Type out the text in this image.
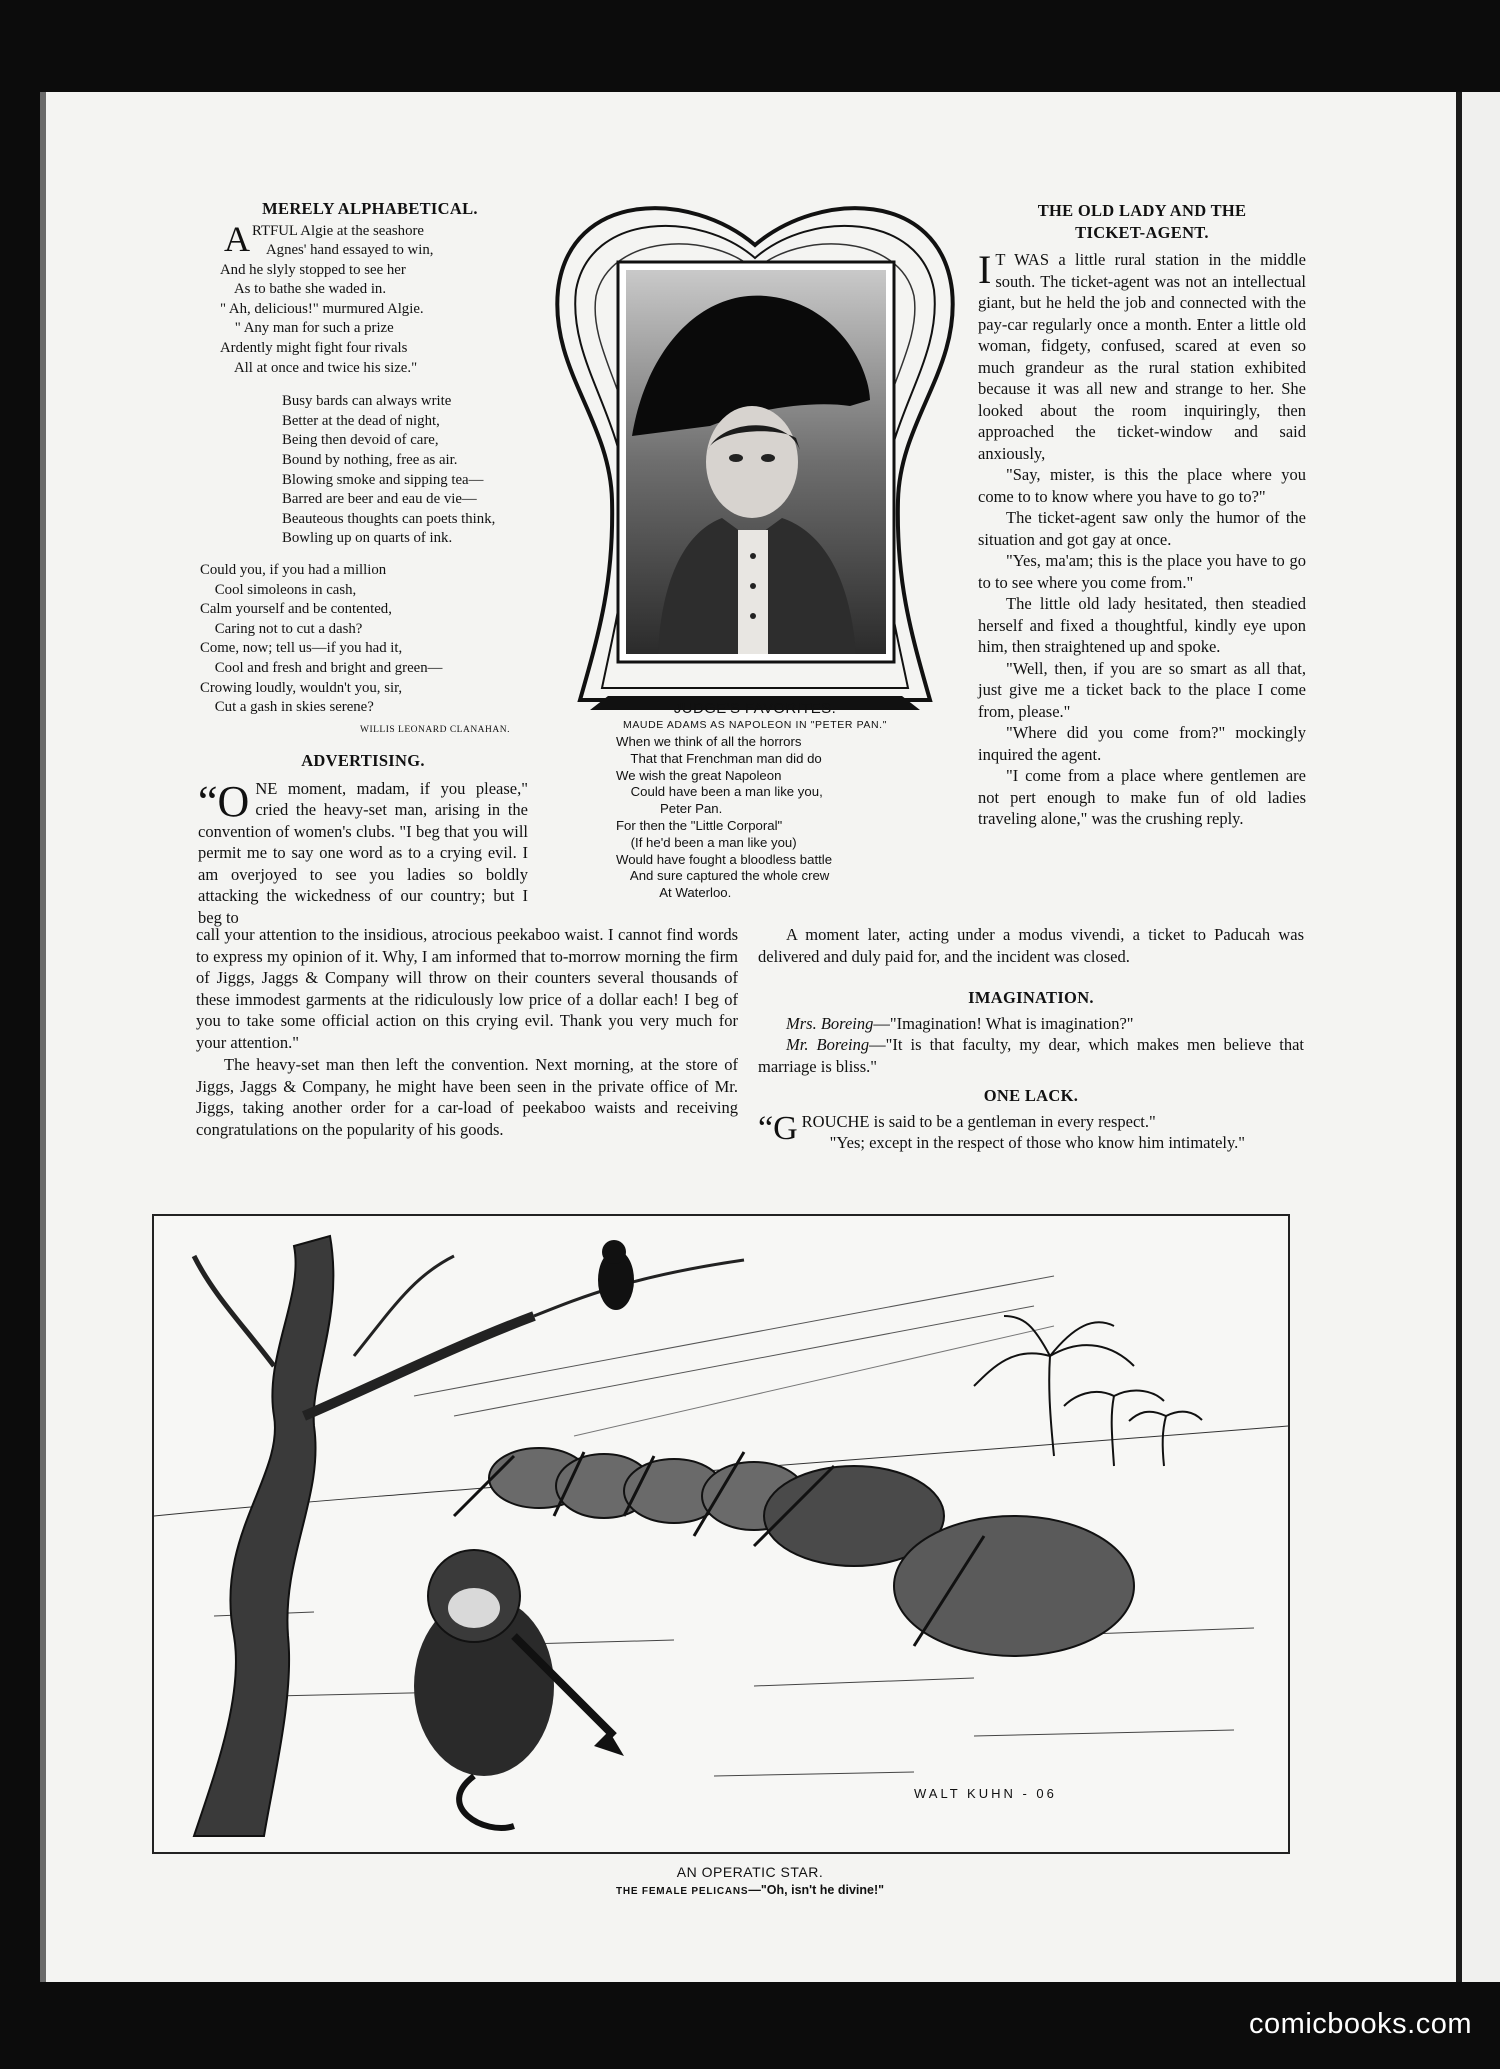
MERELY ALPHABETICAL.
A RTFUL Algie at the seashore
Agnes' hand essayed to win,
And he slyly stopped to see her
As to bathe she waded in.
" Ah, delicious!" murmured Algie.
" Any man for such a prize
Ardently might fight four rivals
All at once and twice his size."
Busy bards can always write
Better at the dead of night,
Being then devoid of care,
Bound by nothing, free as air.
Blowing smoke and sipping tea—
Barred are beer and eau de vie—
Beauteous thoughts can poets think,
Bowling up on quarts of ink.
Could you, if you had a million
Cool simoleons in cash,
Calm yourself and be contented,
Caring not to cut a dash?
Come, now; tell us—if you had it,
Cool and fresh and bright and green—
Crowing loudly, wouldn't you, sir,
Cut a gash in skies serene?
WILLIS LEONARD CLANAHAN.
ADVERTISING.

“ONE moment, madam, if you please," cried the heavy-set man, arising in the convention of women's clubs. "I beg that you will permit me to say one word as to a crying evil. I am overjoyed to see you ladies so boldly attacking the wickedness of our country; but I beg to

call your attention to the insidious, atrocious peekaboo waist. I cannot find words to express my opinion of it. Why, I am informed that to-morrow morning the firm of Jiggs, Jaggs & Company will throw on their counters several thousands of these immodest garments at the ridiculously low price of a dollar each! I beg of you to take some official action on this crying evil. Thank you very much for your attention."

The heavy-set man then left the convention. Next morning, at the store of Jiggs, Jaggs & Company, he might have been seen in the private office of Mr. Jiggs, taking another order for a car-load of peekaboo waists and receiving congratulations on the popularity of his goods.

JUDGE'S FAVORITES.
MAUDE ADAMS AS NAPOLEON IN "PETER PAN."
When we think of all the horrors
That that Frenchman man did do
We wish the great Napoleon
Could have been a man like you,
Peter Pan.
For then the "Little Corporal"
(If he'd been a man like you)
Would have fought a bloodless battle
And sure captured the whole crew
At Waterloo.
THE OLD LADY AND THE
TICKET-AGENT.

I T WAS a little rural station in the middle south. The ticket-agent was not an intellectual giant, but he held the job and connected with the pay-car regularly once a month. Enter a little old woman, fidgety, confused, scared at even so much grandeur as the rural station exhibited because it was all new and strange to her. She looked about the room inquiringly, then approached the ticket-window and said anxiously,

"Say, mister, is this the place where you come to to know where you have to go to?"

The ticket-agent saw only the humor of the situation and got gay at once.

"Yes, ma'am; this is the place you have to go to to see where you come from."

The little old lady hesitated, then steadied herself and fixed a thoughtful, kindly eye upon him, then straightened up and spoke.

"Well, then, if you are so smart as all that, just give me a ticket back to the place I come from, please."

"Where did you come from?" mockingly inquired the agent.

"I come from a place where gentlemen are not pert enough to make fun of old ladies traveling alone," was the crushing reply.

A moment later, acting under a modus vivendi, a ticket to Paducah was delivered and duly paid for, and the incident was closed.

IMAGINATION.

Mrs. Boreing—"Imagination! What is imagination?"

Mr. Boreing—"It is that faculty, my dear, which makes men believe that marriage is bliss."

ONE LACK.

“GROUCHE is said to be a gentleman in every respect."

"Yes; except in the respect of those who know him intimately."

WALT KUHN - 06
AN OPERATIC STAR.
THE FEMALE PELICANS—"Oh, isn't he divine!"
comicbooks.com
